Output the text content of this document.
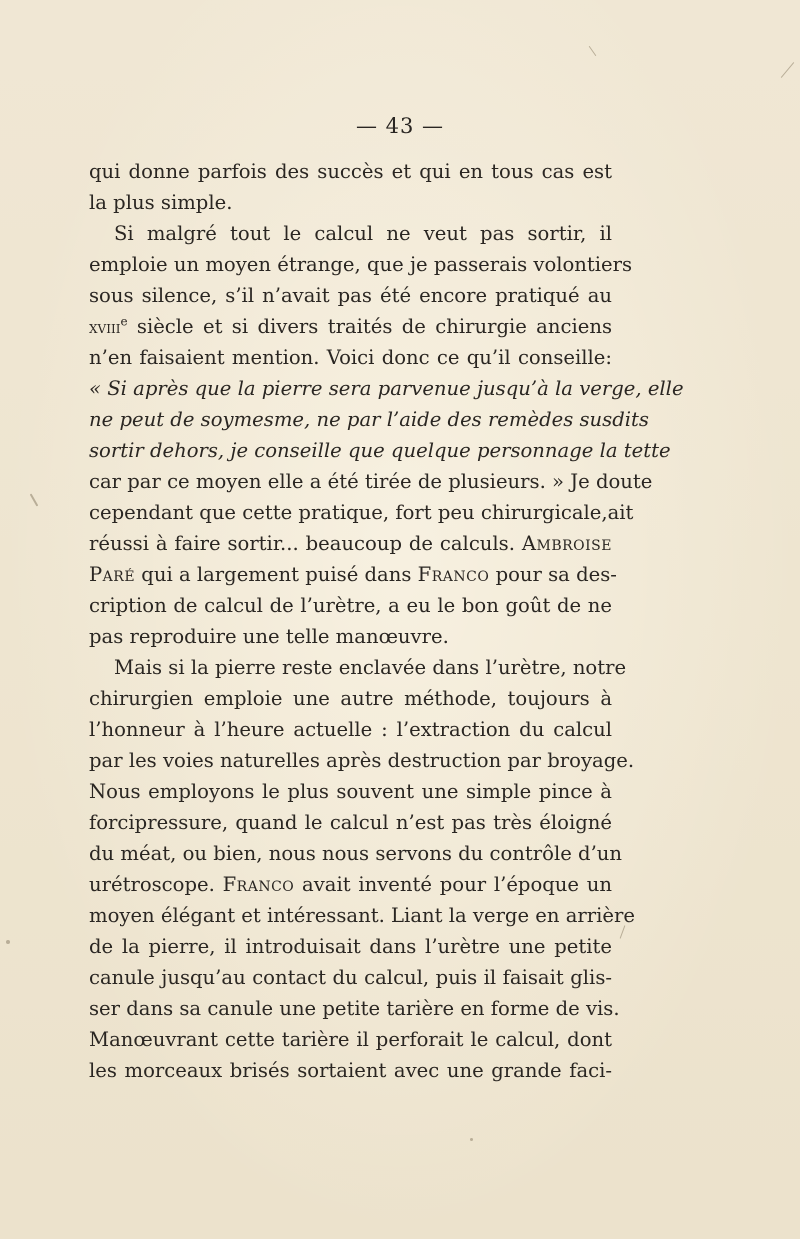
— 43 —
qui donne parfois des succès et qui en tous cas est
la plus simple.
Si malgré tout le calcul ne veut pas sortir, il
emploie un moyen étrange, que je passerais volontiers
sous silence, s’il n’avait pas été encore pratiqué au
xviii$^e$ siècle et si divers traités de chirurgie anciens
n’en faisaient mention. Voici donc ce qu’il conseille:
« Si après que la pierre sera parvenue jusqu’à la verge, elle
ne peut de soymesme, ne par l’aide des remèdes susdits
sortir dehors, je conseille que quelque personnage la tette
car par ce moyen elle a été tirée de plusieurs. » Je doute
cependant que cette pratique, fort peu chirurgicale,ait
réussi à faire sortir... beaucoup de calculs. Ambroise
Paré qui a largement puisé dans Franco pour sa des-
cription de calcul de l’urètre, a eu le bon goût de ne
pas reproduire une telle manœuvre.
Mais si la pierre reste enclavée dans l’urètre, notre
chirurgien emploie une autre méthode, toujours à
l’honneur à l’heure actuelle : l’extraction du calcul
par les voies naturelles après destruction par broyage.
Nous employons le plus souvent une simple pince à
forcipressure, quand le calcul n’est pas très éloigné
du méat, ou bien, nous nous servons du contrôle d’un
urétroscope. Franco avait inventé pour l’époque un
moyen élégant et intéressant. Liant la verge en arrière
de la pierre, il introduisait dans l’urètre une petite
canule jusqu’au contact du calcul, puis il faisait glis-
ser dans sa canule une petite tarière en forme de vis.
Manœuvrant cette tarière il perforait le calcul, dont
les morceaux brisés sortaient avec une grande faci-
